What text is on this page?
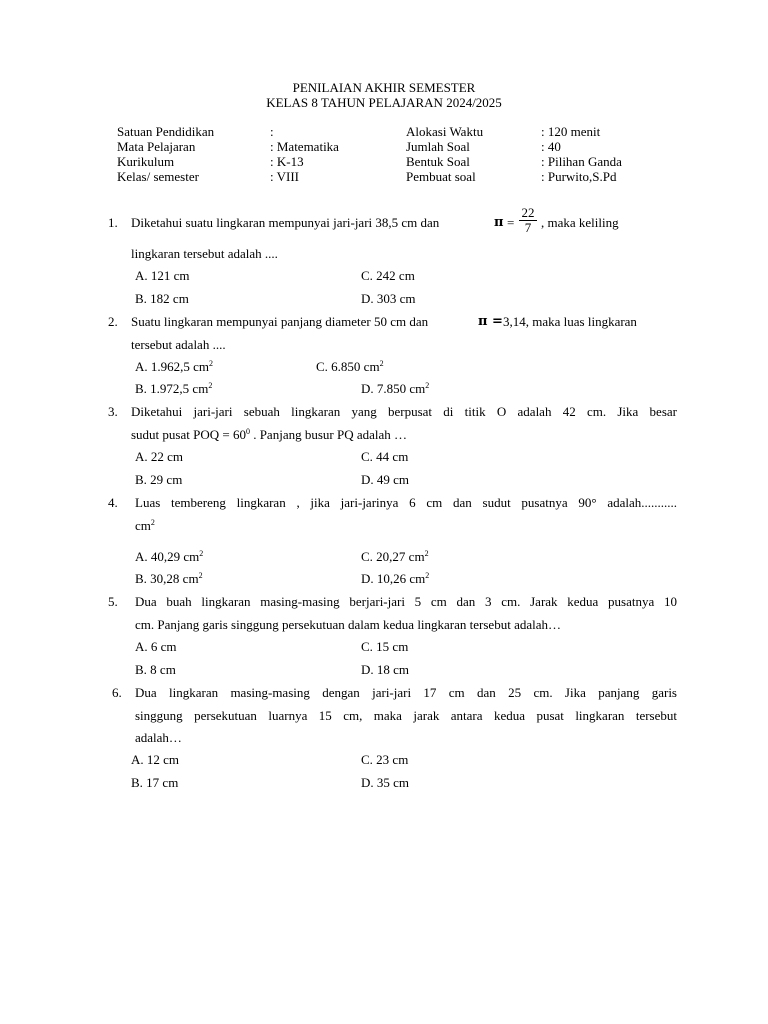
PENILAIAN AKHIR SEMESTER
KELAS 8 TAHUN PELAJARAN 2024/2025
Satuan Pendidikan	:	Alokasi Waktu	: 120 menit
Mata Pelajaran	: Matematika	Jumlah Soal	: 40
Kurikulum	: K-13	Bentuk Soal	: Pilihan Ganda
Kelas/ semester	: VIII	Pembuat soal	: Purwito,S.Pd
1. Diketahui suatu lingkaran mempunyai jari-jari 38,5 cm dan	$\pi = \frac{22}{7}$ , maka keliling
lingkaran tersebut adalah ....
A. 121 cm	C. 242 cm
B. 182 cm	D. 303 cm
2. Suatu lingkaran mempunyai panjang diameter 50 cm dan	π = 3,14, maka luas lingkaran
tersebut adalah ....
A. 1.962,5 $cm^2$	C. 6.850 $cm^2$
B. 1.972,5 $cm^2$	D. 7.850 $cm^2$
3. Diketahui jari-jari sebuah lingkaran yang berpusat di titik O adalah 42 cm. Jika besar
sudut pusat POQ = $60^0$ . Panjang busur PQ adalah …
A. 22 cm	C. 44 cm
B. 29 cm	D. 49 cm
4. Luas tembereng lingkaran , jika jari-jarinya 6 cm dan sudut pusatnya 90° adalah...........
$cm^2$
A. 40,29 $cm^2$	C. 20,27 $cm^2$
B. 30,28 $cm^2$	D. 10,26 $cm^2$
5. Dua buah lingkaran masing-masing berjari-jari 5 cm dan 3 cm. Jarak kedua pusatnya 10
cm. Panjang garis singgung persekutuan dalam kedua lingkaran tersebut adalah…
A. 6 cm	C. 15 cm
B. 8 cm	D. 18 cm
6. Dua lingkaran masing-masing dengan jari-jari 17 cm dan 25 cm. Jika panjang garis
singgung persekutuan luarnya 15 cm, maka jarak antara kedua pusat lingkaran tersebut
adalah…
A. 12 cm	C. 23 cm
B. 17 cm	D. 35 cm
